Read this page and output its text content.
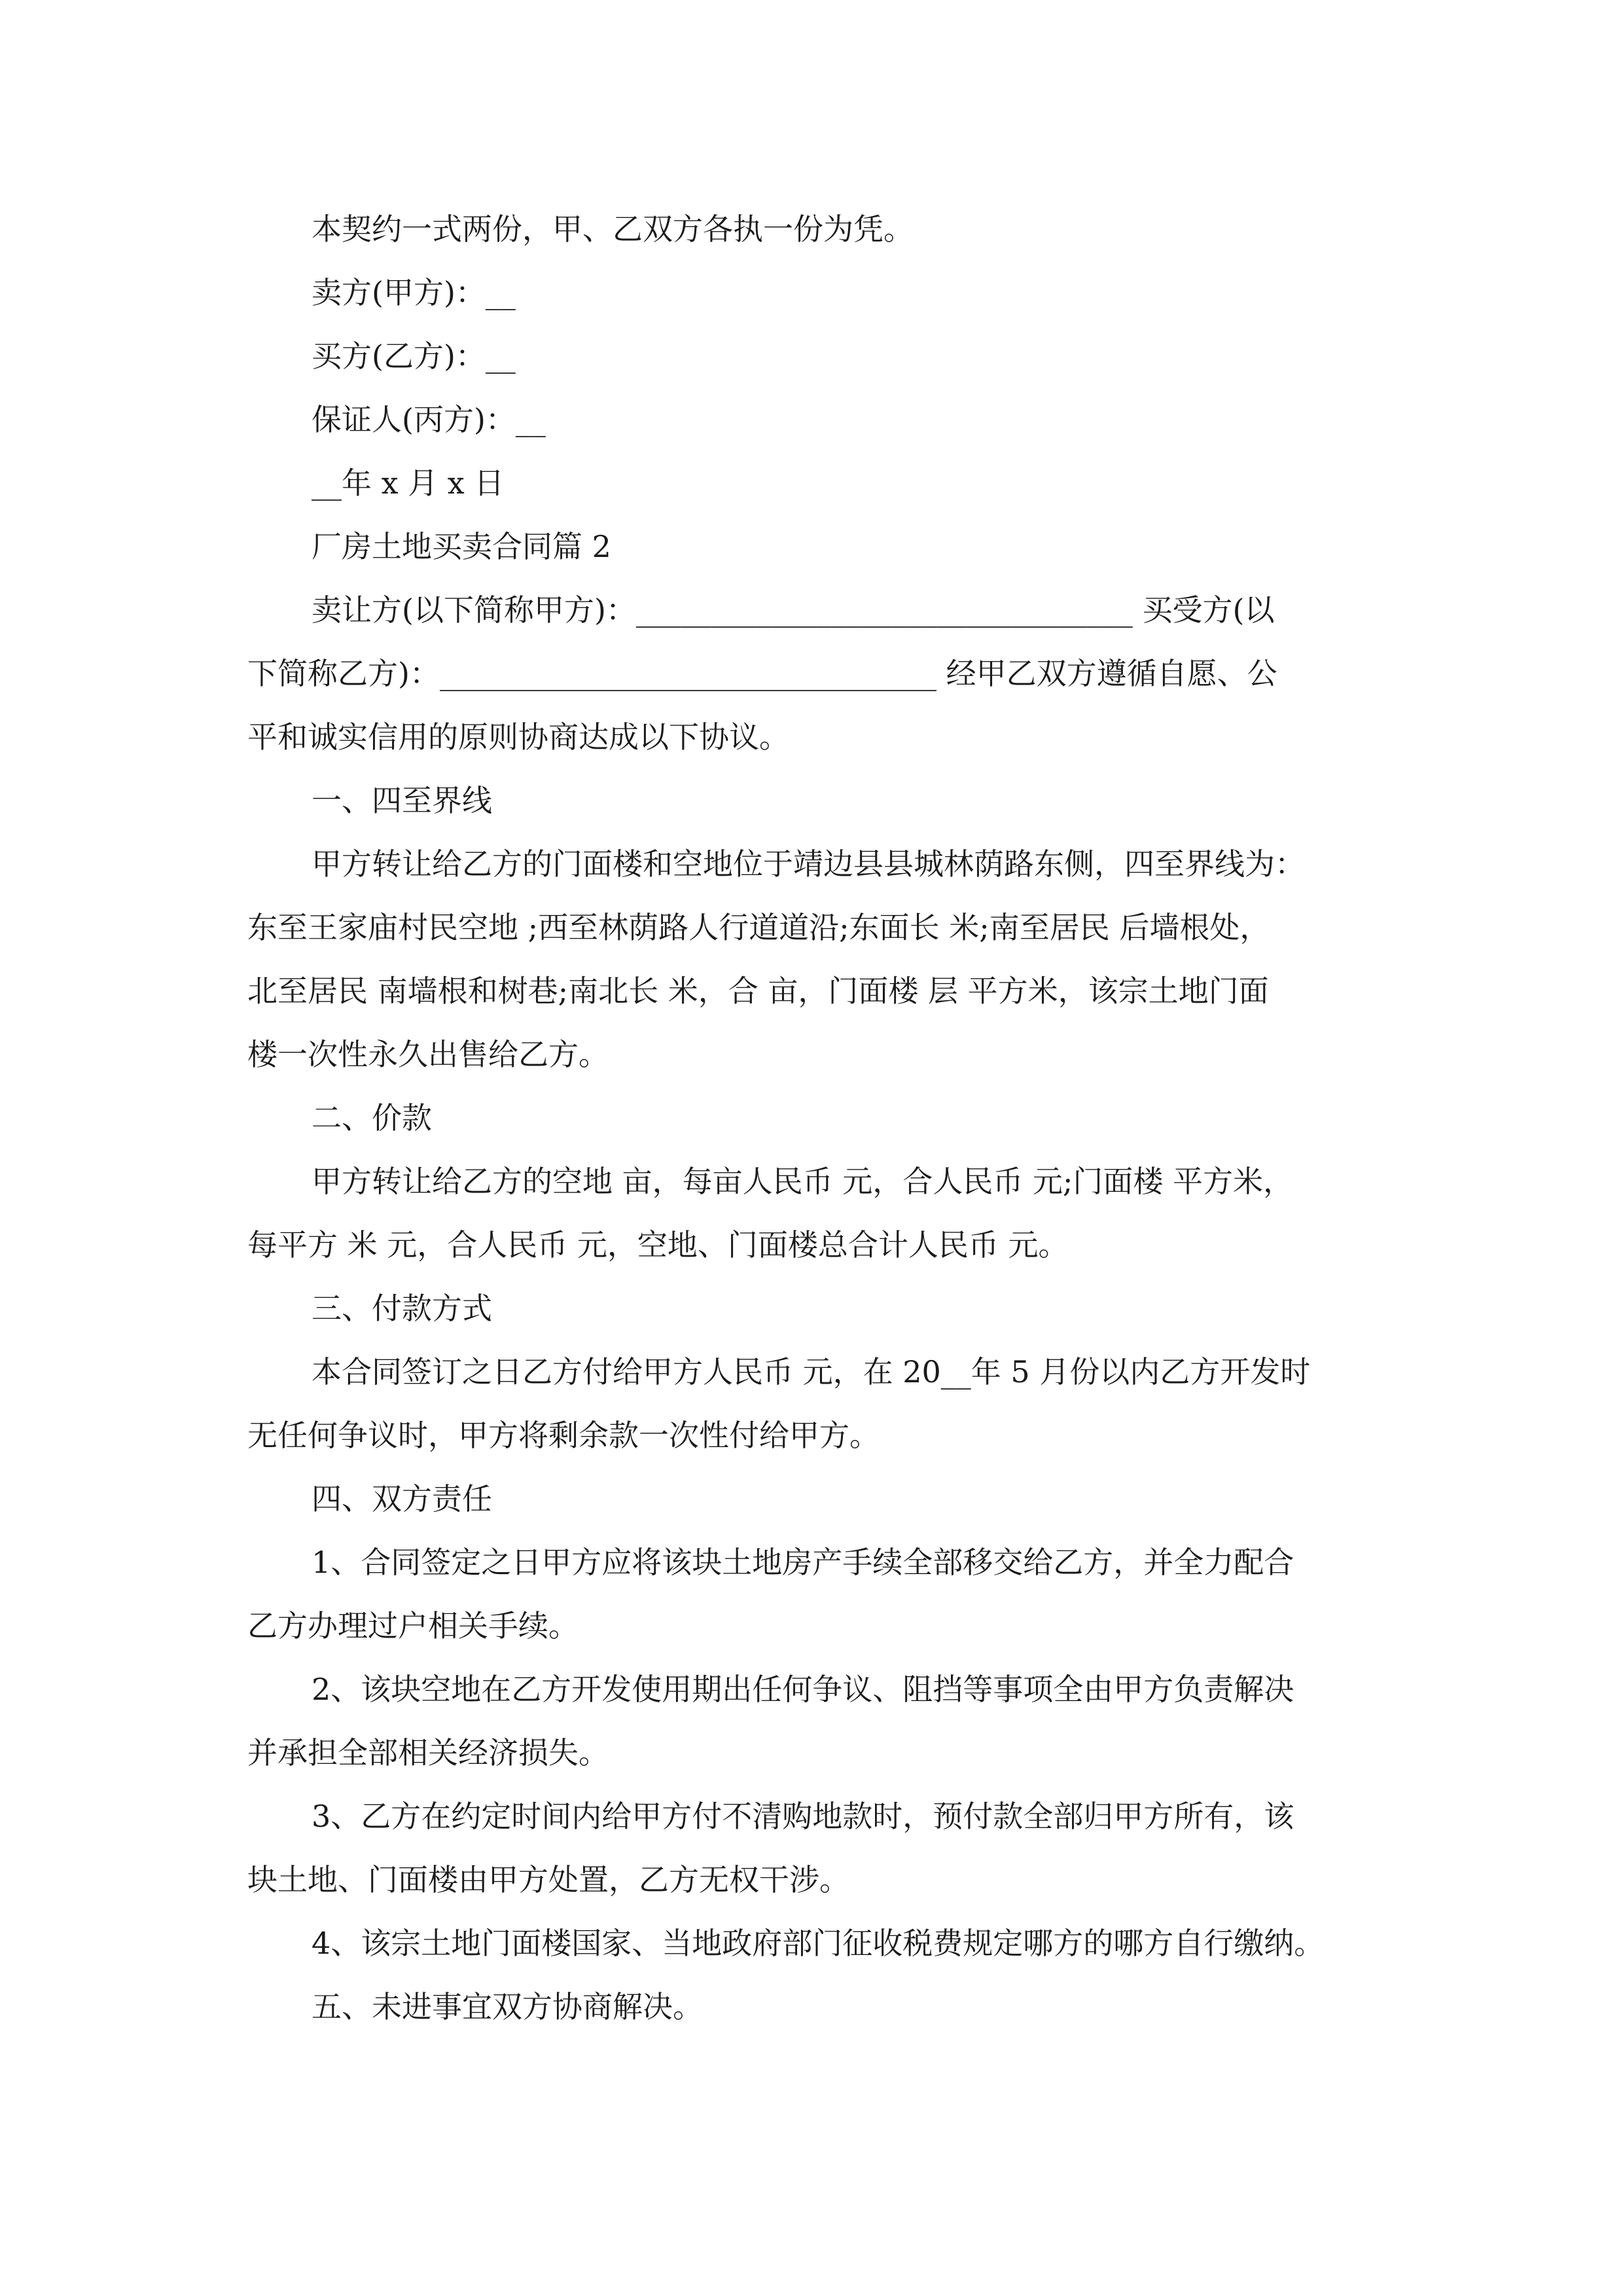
本契约一式两份，甲、乙双方各执一份为凭。
卖方(甲方)：__
买方(乙方)：__
保证人(丙方)：__
__年 x 月 x 日
厂房土地买卖合同篇 2
卖让方(以下简称甲方)：_________________________________ 买受方(以
下简称乙方)：_________________________________ 经甲乙双方遵循自愿、公
平和诚实信用的原则协商达成以下协议。
一、四至界线
甲方转让给乙方的门面楼和空地位于靖边县县城林荫路东侧，四至界线为：
东至王家庙村民空地 ;西至林荫路人行道道沿;东面长 米;南至居民 后墙根处，
北至居民 南墙根和树巷;南北长 米，合 亩，门面楼 层 平方米，该宗土地门面
楼一次性永久出售给乙方。
二、价款
甲方转让给乙方的空地 亩，每亩人民币 元，合人民币 元;门面楼 平方米，
每平方 米 元，合人民币 元，空地、门面楼总合计人民币 元。
三、付款方式
本合同签订之日乙方付给甲方人民币 元，在 20__年 5 月份以内乙方开发时
无任何争议时，甲方将剩余款一次性付给甲方。
四、双方责任
1、合同签定之日甲方应将该块土地房产手续全部移交给乙方，并全力配合
乙方办理过户相关手续。
2、该块空地在乙方开发使用期出任何争议、阻挡等事项全由甲方负责解决
并承担全部相关经济损失。
3、乙方在约定时间内给甲方付不清购地款时，预付款全部归甲方所有，该
块土地、门面楼由甲方处置，乙方无权干涉。
4、该宗土地门面楼国家、当地政府部门征收税费规定哪方的哪方自行缴纳。
五、未进事宜双方协商解决。
